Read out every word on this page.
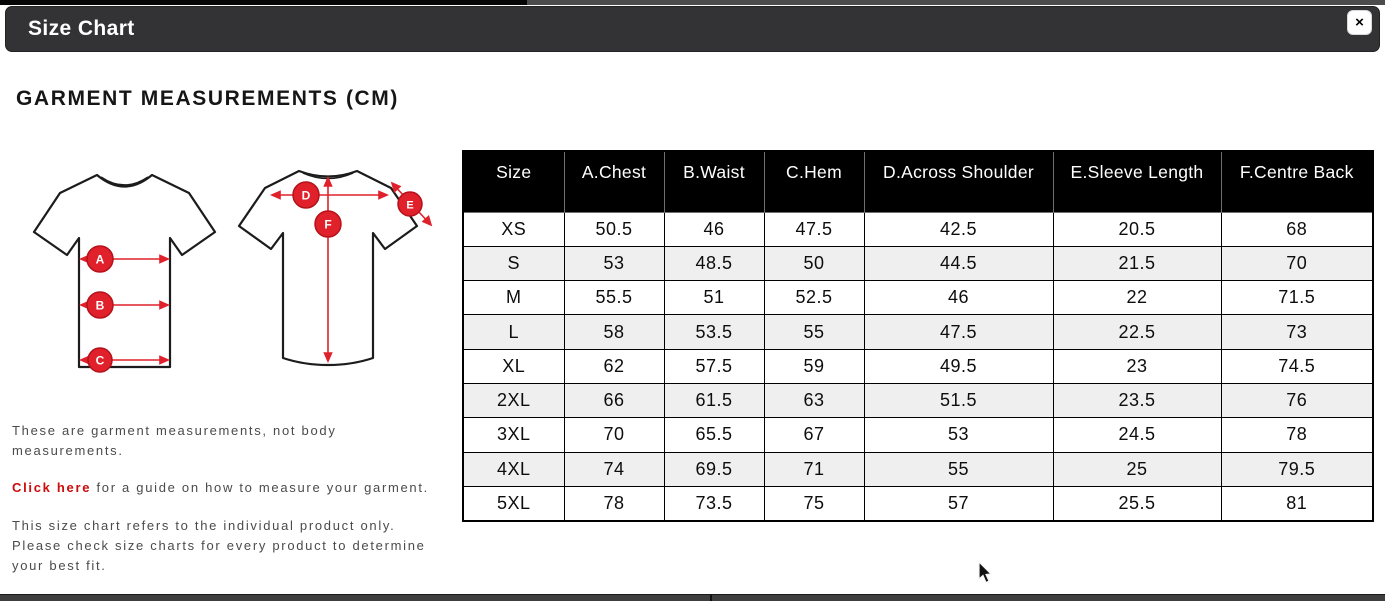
Size Chart	×
GARMENT MEASUREMENTS (CM)
A
B
C
D
E
F

These are garment measurements, not body measurements.

Click here for a guide on how to measure your garment.

This size chart refers to the individual product only. Please check size charts for every product to determine your best fit.

Size	A.Chest	B.Waist	C.Hem	D.Across Shoulder	E.Sleeve Length	F.Centre Back
XS	50.5	46	47.5	42.5	20.5	68
S	53	48.5	50	44.5	21.5	70
M	55.5	51	52.5	46	22	71.5
L	58	53.5	55	47.5	22.5	73
XL	62	57.5	59	49.5	23	74.5
2XL	66	61.5	63	51.5	23.5	76
3XL	70	65.5	67	53	24.5	78
4XL	74	69.5	71	55	25	79.5
5XL	78	73.5	75	57	25.5	81
